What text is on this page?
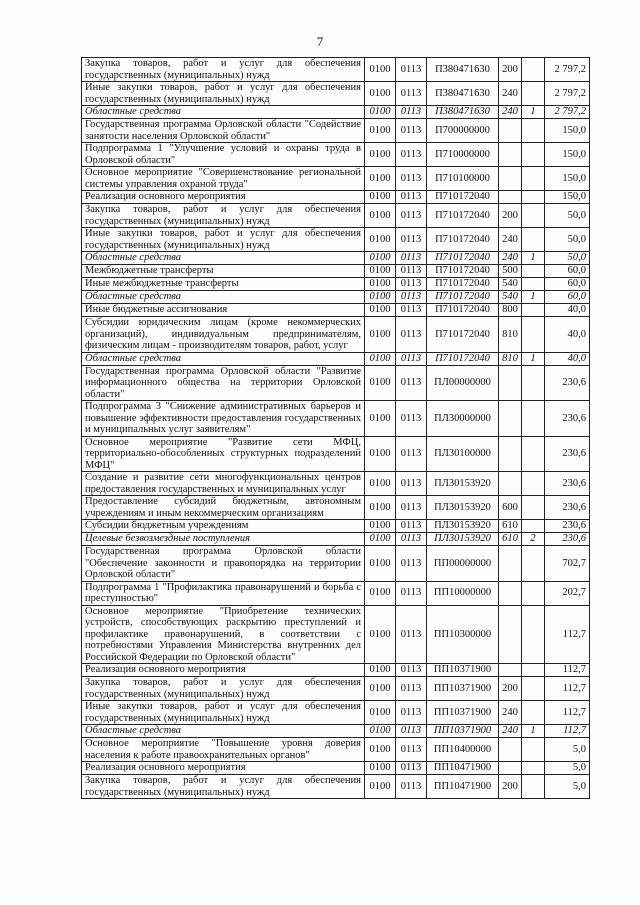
7
Закупка товаров, работ и услуг для обеспечения государственных (муниципальных) нужд	0100	0113	П380471630	200		2 797,2
Иные закупки товаров, работ и услуг для обеспечения государственных (муниципальных) нужд	0100	0113	П380471630	240		2 797,2
Областные средства	0100	0113	П380471630	240	1	2 797,2
Государственная программа Орловской области "Содействие занятости населения Орловской области"	0100	0113	П700000000			150,0
Подпрограмма 1 "Улучшение условий и охраны труда в Орловской области"	0100	0113	П710000000			150,0
Основное мероприятие "Совершенствование региональной системы управления охраной труда"	0100	0113	П710100000			150,0
Реализация основного мероприятия	0100	0113	П710172040			150,0
Закупка товаров, работ и услуг для обеспечения государственных (муниципальных) нужд	0100	0113	П710172040	200		50,0
Иные закупки товаров, работ и услуг для обеспечения государственных (муниципальных) нужд	0100	0113	П710172040	240		50,0
Областные средства	0100	0113	П710172040	240	1	50,0
Межбюджетные трансферты	0100	0113	П710172040	500		60,0
Иные межбюджетные трансферты	0100	0113	П710172040	540		60,0
Областные средства	0100	0113	П710172040	540	1	60,0
Иные бюджетные ассигнования	0100	0113	П710172040	800		40,0
Субсидии юридическим лицам (кроме некоммерческих организаций), индивидуальным предпринимателям, физическим лицам - производителям товаров, работ, услуг	0100	0113	П710172040	810		40,0
Областные средства	0100	0113	П710172040	810	1	40,0
Государственная программа Орловской области "Развитие информационного общества на территории Орловской области"	0100	0113	ПЛ00000000			230,6
Подпрограмма 3 "Снижение административных барьеров и повышение эффективности предоставления государственных и муниципальных услуг заявителям"	0100	0113	ПЛ30000000			230,6
Основное мероприятие "Развитие сети МФЦ, территориально-обособленных структурных подразделений МФЦ"	0100	0113	ПЛ30100000			230,6
Создание и развитие сети многофункциональных центров предоставления государственных и муниципальных услуг	0100	0113	ПЛ30153920			230,6
Предоставление субсидий бюджетным, автономным учреждениям и иным некоммерческим организациям	0100	0113	ПЛ30153920	600		230,6
Субсидии бюджетным учреждениям	0100	0113	ПЛ30153920	610		230,6
Целевые безвозмездные поступления	0100	0113	ПЛ30153920	610	2	230,6
Государственная программа Орловской области "Обеспечение законности и правопорядка на территории Орловской области"	0100	0113	ПП00000000			702,7
Подпрограмма 1 "Профилактика правонарушений и борьба с преступностью"	0100	0113	ПП10000000			202,7
Основное мероприятие "Приобретение технических устройств, способствующих раскрытию преступлений и профилактике правонарушений, в соответствии с потребностями Управления Министерства внутренних дел Российской Федерации по Орловской области"	0100	0113	ПП10300000			112,7
Реализация основного мероприятия	0100	0113	ПП10371900			112,7
Закупка товаров, работ и услуг для обеспечения государственных (муниципальных) нужд	0100	0113	ПП10371900	200		112,7
Иные закупки товаров, работ и услуг для обеспечения государственных (муниципальных) нужд	0100	0113	ПП10371900	240		112,7
Областные средства	0100	0113	ПП10371900	240	1	112,7
Основное мероприятие "Повышение уровня доверия населения к работе правоохранительных органов"	0100	0113	ПП10400000			5,0
Реализация основного мероприятия	0100	0113	ПП10471900			5,0
Закупка товаров, работ и услуг для обеспечения государственных (муниципальных) нужд	0100	0113	ПП10471900	200		5,0
